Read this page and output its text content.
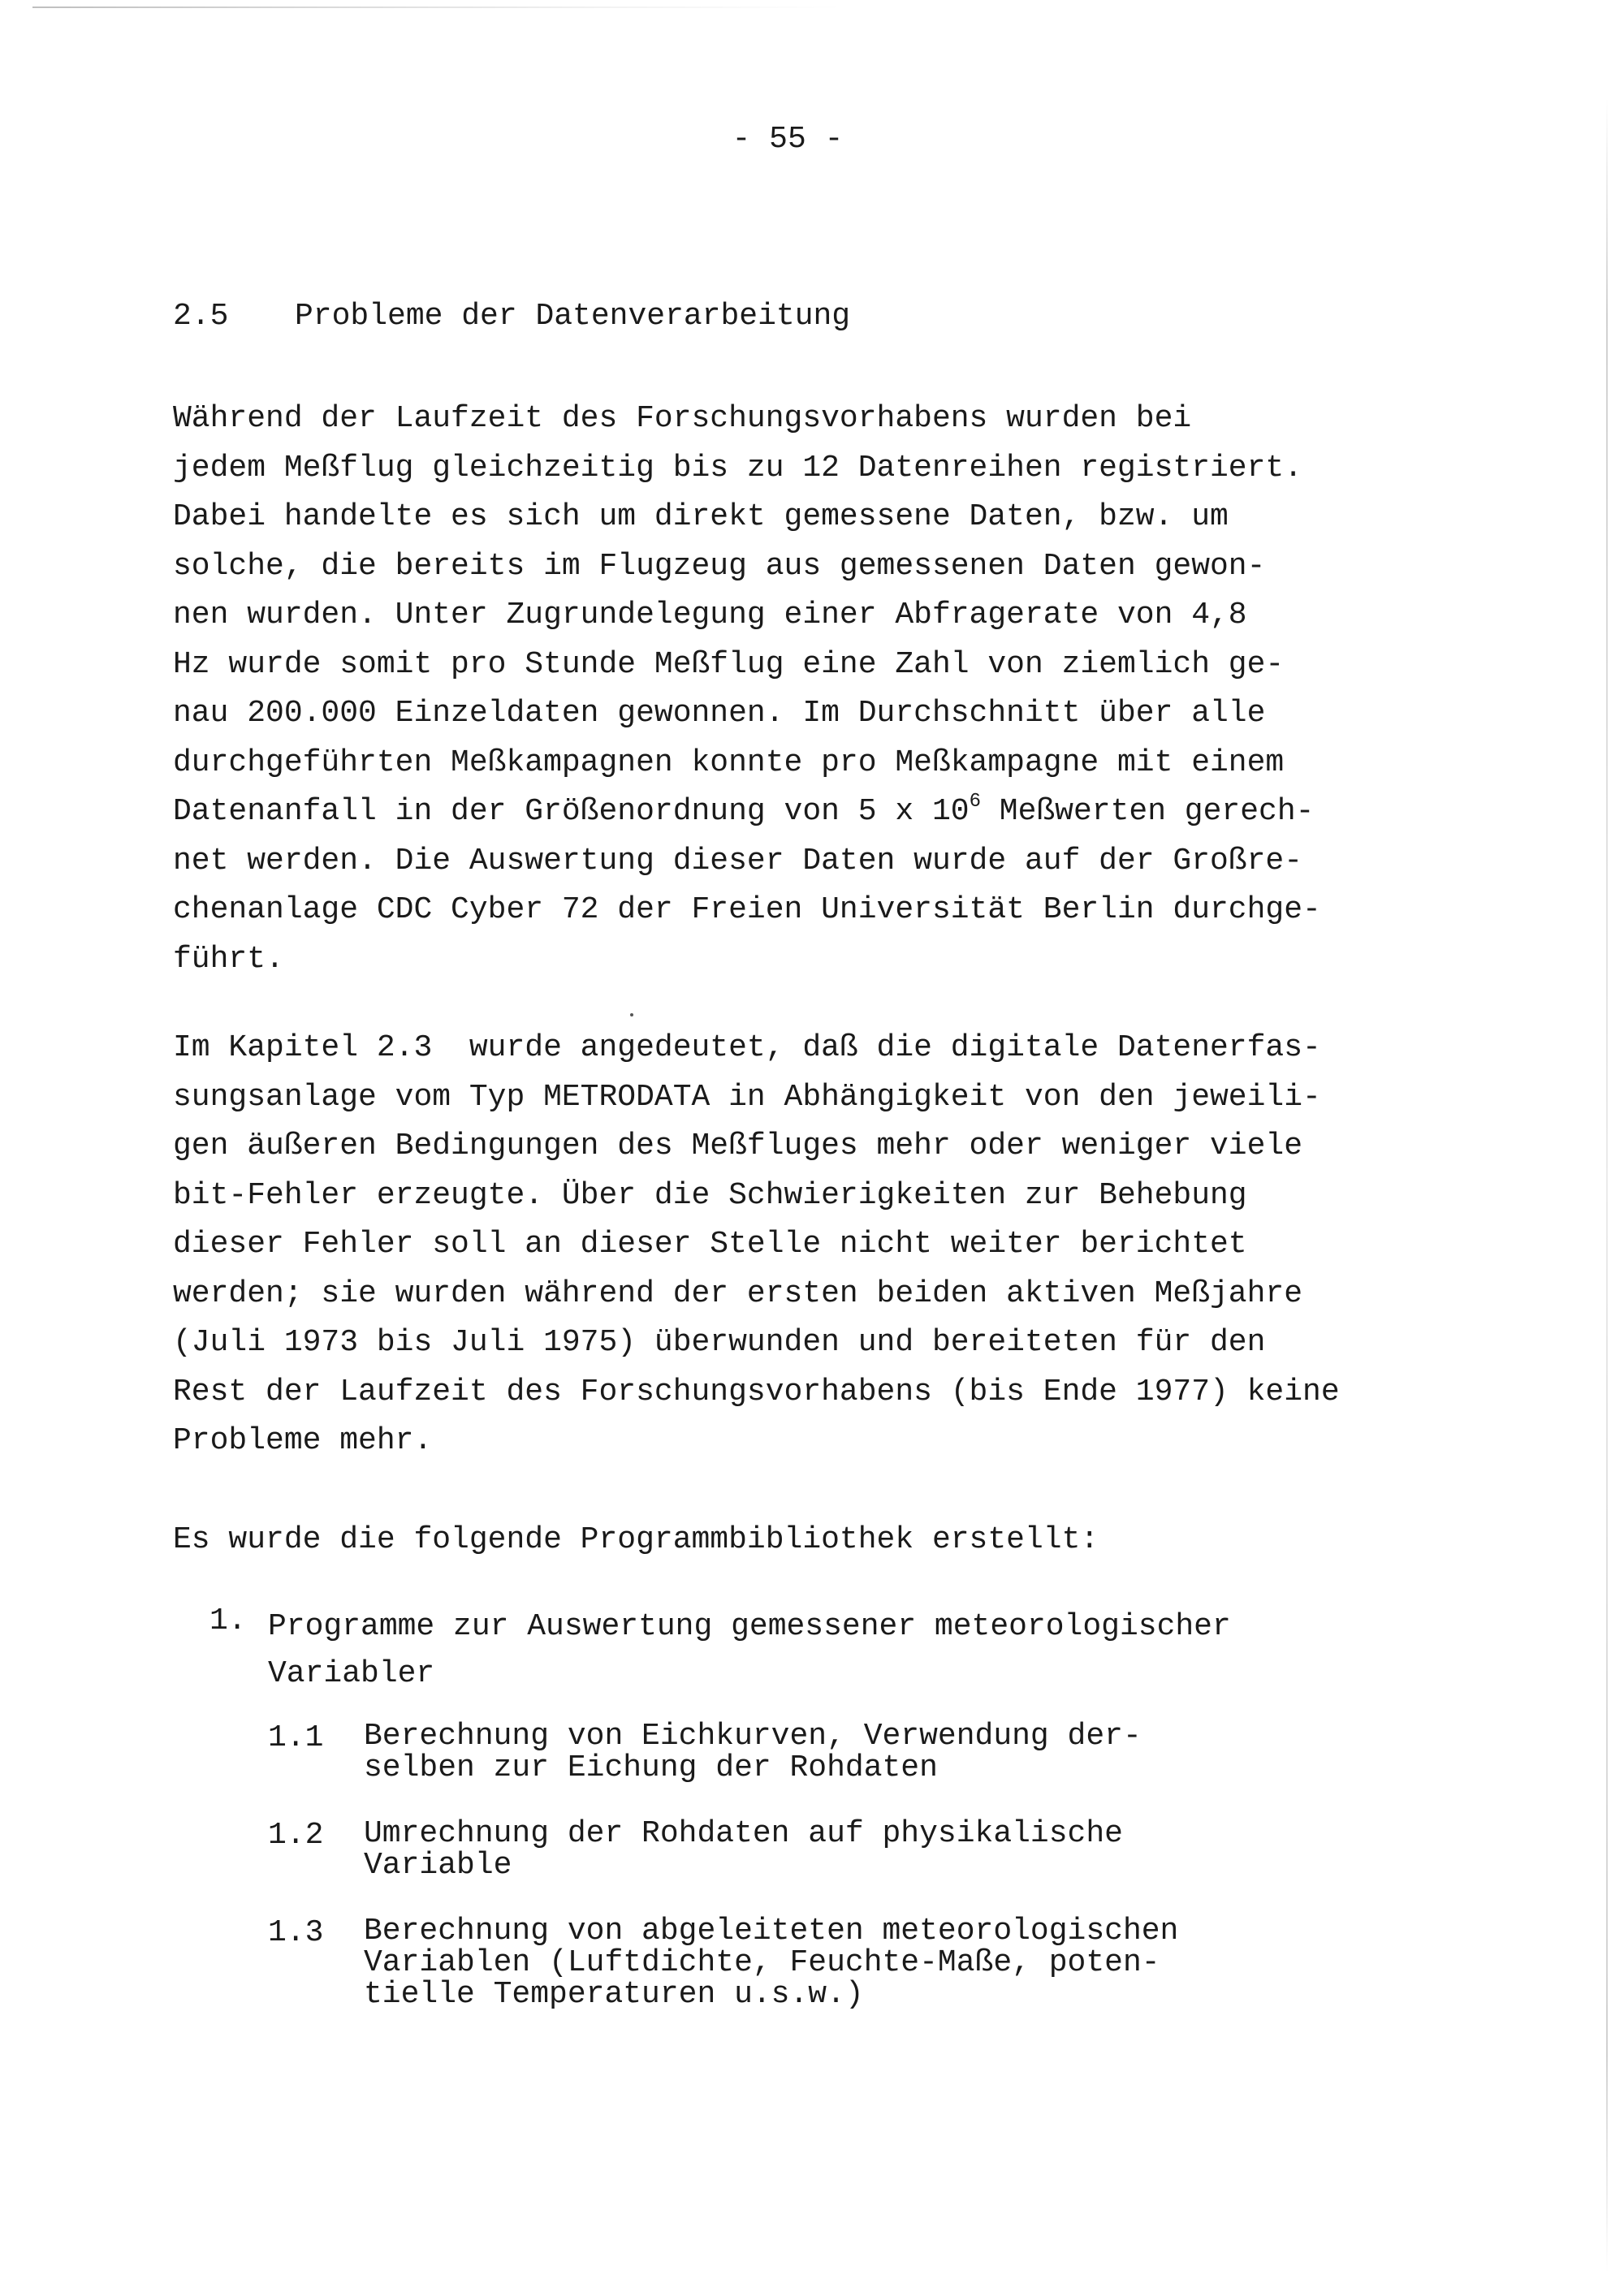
- 55 -
2.5 Probleme der Datenverarbeitung
Während der Laufzeit des Forschungsvorhabens wurden bei
jedem Meßflug gleichzeitig bis zu 12 Datenreihen registriert.
Dabei handelte es sich um direkt gemessene Daten, bzw. um
solche, die bereits im Flugzeug aus gemessenen Daten gewon-
nen wurden. Unter Zugrundelegung einer Abfragerate von 4,8
Hz wurde somit pro Stunde Meßflug eine Zahl von ziemlich ge-
nau 200.000 Einzeldaten gewonnen. Im Durchschnitt über alle
durchgeführten Meßkampagnen konnte pro Meßkampagne mit einem
Datenanfall in der Größenordnung von 5 x $10^6$ Meßwerten gerech-
net werden. Die Auswertung dieser Daten wurde auf der Großre-
chenanlage CDC Cyber 72 der Freien Universität Berlin durchge-
führt.
Im Kapitel 2.3  wurde angedeutet, daß die digitale Datenerfas-
sungsanlage vom Typ METRODATA in Abhängigkeit von den jeweili-
gen äußeren Bedingungen des Meßfluges mehr oder weniger viele
bit-Fehler erzeugte. Über die Schwierigkeiten zur Behebung
dieser Fehler soll an dieser Stelle nicht weiter berichtet
werden; sie wurden während der ersten beiden aktiven Meßjahre
(Juli 1973 bis Juli 1975) überwunden und bereiteten für den
Rest der Laufzeit des Forschungsvorhabens (bis Ende 1977) keine
Probleme mehr.
Es wurde die folgende Programmbibliothek erstellt:
1. Programme zur Auswertung gemessener meteorologischer
Variabler
1.1	Berechnung von Eichkurven, Verwendung der-
selben zur Eichung der Rohdaten
1.2	Umrechnung der Rohdaten auf physikalische
Variable
1.3	Berechnung von abgeleiteten meteorologischen
Variablen (Luftdichte, Feuchte-Maße, poten-
tielle Temperaturen u.s.w.)
